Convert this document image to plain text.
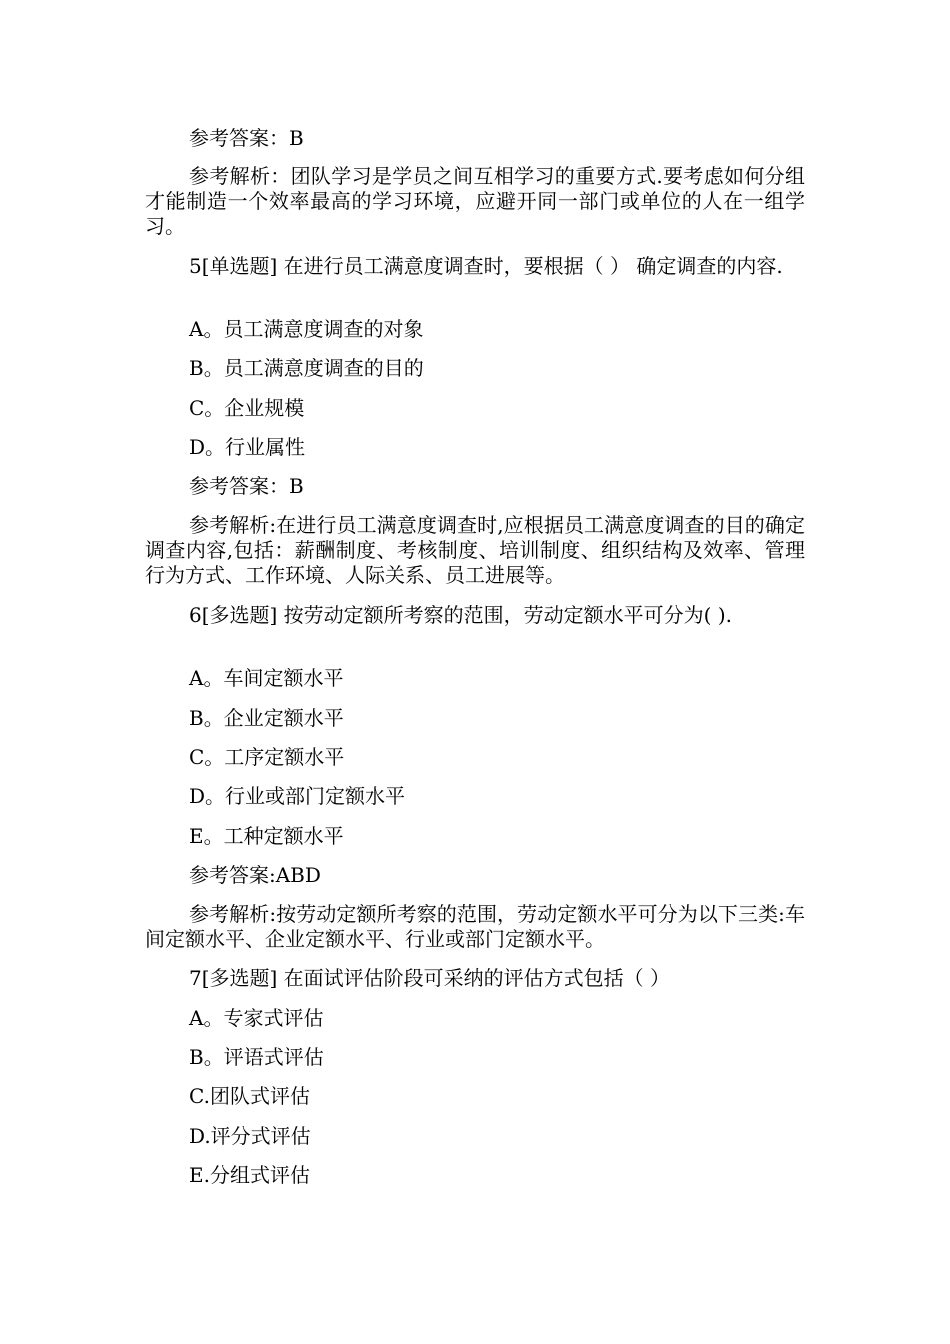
参考答案：B
参考解析：团队学习是学员之间互相学习的重要方式.要考虑如何分组才能制造一个效率最高的学习环境，应避开同一部门或单位的人在一组学习。
5[单选题] 在进行员工满意度调查时，要根据（ ） 确定调查的内容.
A。员工满意度调查的对象
B。员工满意度调查的目的
C。企业规模
D。行业属性
参考答案：B
参考解析:在进行员工满意度调查时,应根据员工满意度调查的目的确定调查内容,包括：薪酬制度、考核制度、培训制度、组织结构及效率、管理行为方式、工作环境、人际关系、员工进展等。
6[多选题] 按劳动定额所考察的范围，劳动定额水平可分为( ).
A。车间定额水平
B。企业定额水平
C。工序定额水平
D。行业或部门定额水平
E。工种定额水平
参考答案:ABD
参考解析:按劳动定额所考察的范围，劳动定额水平可分为以下三类:车间定额水平、企业定额水平、行业或部门定额水平。
7[多选题] 在面试评估阶段可采纳的评估方式包括（ ）
A。专家式评估
B。评语式评估
C.团队式评估
D.评分式评估
E.分组式评估
